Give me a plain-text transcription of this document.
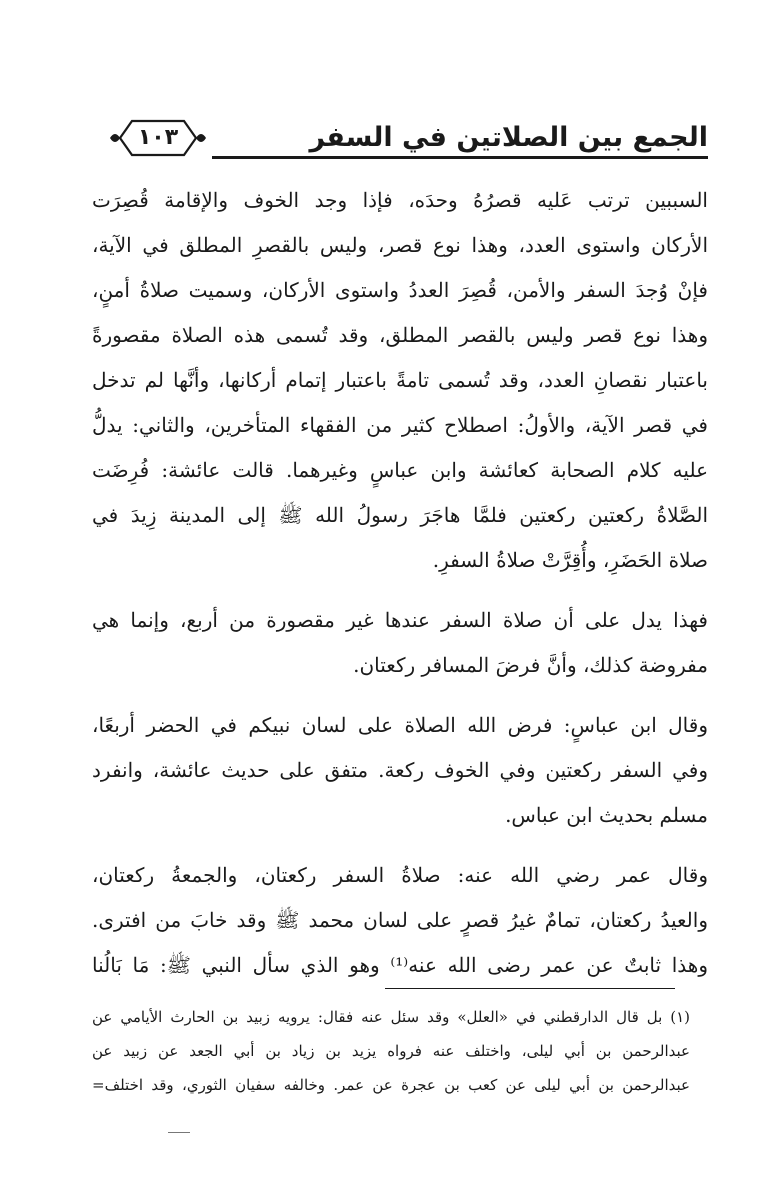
الجمع بين الصلاتين في السفر
١٠٣
السببين ترتب عَليه قصرُهُ وحدَه، فإذا وجد الخوف والإقامة قُصِرَت
الأركان واستوى العدد، وهذا نوع قصر، وليس بالقصرِ المطلق في الآية،
فإنْ وُجدَ السفر والأمن، قُصِرَ العددُ واستوى الأركان، وسميت صلاةُ أمنٍ،
وهذا نوع قصر وليس بالقصر المطلق، وقد تُسمى هذه الصلاة مقصورةً
باعتبار نقصانِ العدد، وقد تُسمى تامةً باعتبار إتمام أركانها، وأنَّها لم تدخل
في قصر الآية، والأولُ: اصطلاح كثير من الفقهاء المتأخرين، والثاني: يدلُّ
عليه كلام الصحابة كعائشة وابن عباسٍ وغيرهما. قالت عائشة: فُرِضَت
الصَّلاةُ ركعتين ركعتين فلمَّا هاجَرَ رسولُ الله ﷺ إلى المدينة زِيدَ في
صلاة الحَضَرِ، وأُقِرَّتْ صلاةُ السفرِ.
فهذا يدل على أن صلاة السفر عندها غير مقصورة من أربع، وإنما هي
مفروضة كذلك، وأنَّ فرضَ المسافر ركعتان.
وقال ابن عباسٍ: فرض الله الصلاة على لسان نبيكم في الحضر أربعًا،
وفي السفر ركعتين وفي الخوف ركعة. متفق على حديث عائشة، وانفرد
مسلم بحديث ابن عباس.
وقال عمر رضي الله عنه: صلاةُ السفر ركعتان، والجمعةُ ركعتان،
والعيدُ ركعتان، تمامٌ غيرُ قصرٍ على لسان محمد ﷺ وقد خابَ من افترى.
وهذا ثابتٌ عن عمر رضى الله عنه⁽¹⁾ وهو الذي سأل النبي ﷺ: مَا بَالُنا
(١) بل قال الدارقطني في «العلل» وقد سئل عنه فقال: يرويه زبيد بن الحارث الأيامي عن
عبدالرحمن بن أبي ليلى، واختلف عنه فرواه يزيد بن زياد بن أبي الجعد عن زبيد عن
عبدالرحمن بن أبي ليلى عن كعب بن عجرة عن عمر. وخالفه سفيان الثوري، وقد اختلف=
